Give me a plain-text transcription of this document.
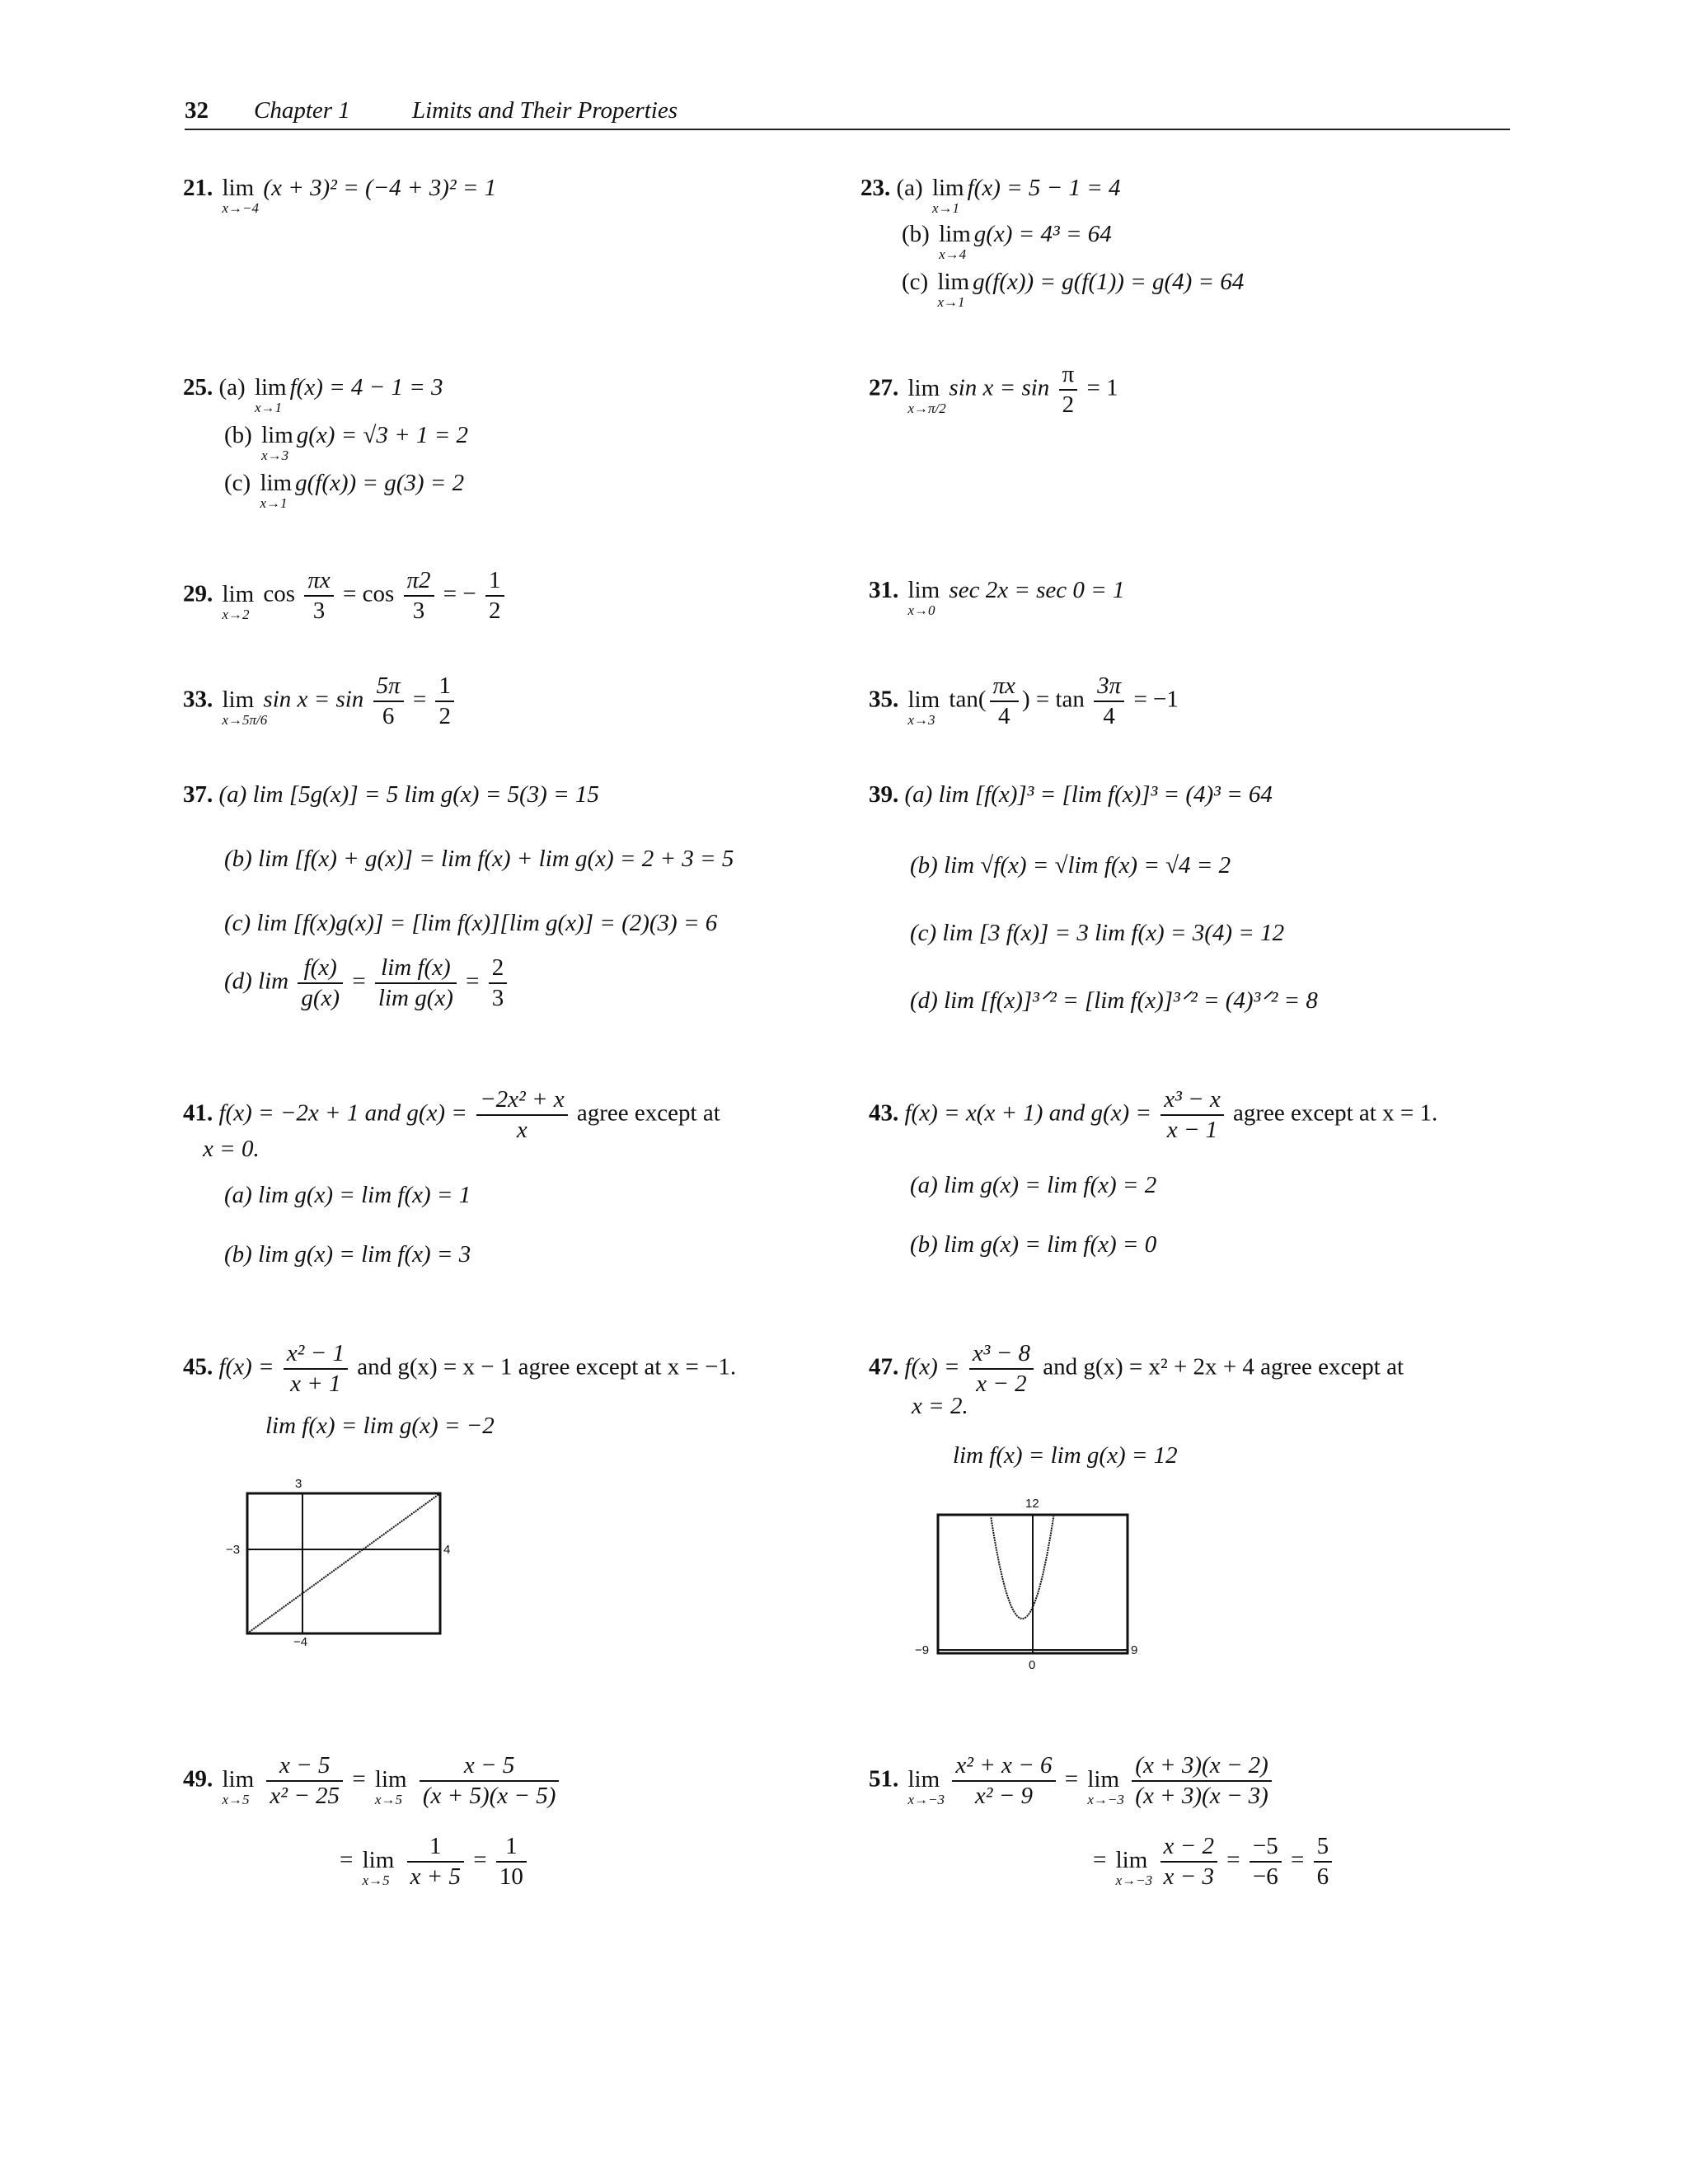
32 Chapter 1	Limits and Their Properties
21. lim
x→−4
(x + 3)² = (−4 + 3)² = 1	23. (a) lim
x→1
f(x) = 5 − 1 = 4
(b) lim
x→4
g(x) = 4³ = 64
(c) lim
x→1
g(f(x)) = g(f(1)) = g(4) = 64
25. (a) lim
x→1
f(x) = 4 − 1 = 3
(b) lim
x→3
g(x) = √3 + 1 = 2
(c) lim
x→1
g(f(x)) = g(3) = 2
27. lim
x→π/2
$\sin x = \sin \frac{\pi}{2} = 1$
29. lim
x→2
$\cos \frac{\pi x}{3} = \cos \frac{\pi 2}{3}$ = − $\frac{1}{2}$	31. lim
x→0
sec 2x = sec 0 = 1
33. lim
x→5π/6
$\sin x = \sin \frac{5\pi}{6} = \frac{1}{2}$	35. lim
x→3
$\tan( \frac{\pi x}{4}$ ) = $\tan \frac{3\pi}{4} = -1$
37. (a) lim [5g(x)] = 5 lim g(x) = 5(3) = 15
(b) lim [f(x) + g(x)] = lim f(x) + lim g(x) = 2 + 3 = 5
(c) lim [f(x)g(x)] = [lim f(x)][lim g(x)] = (2)(3) = 6
(d) $\lim \frac{f(x)}{g(x)} = \frac{\text{lim f(x)}}{\text{lim g(x)}} = \frac{2}{3}$
39. (a) lim [f(x)]³ = [lim f(x)]³ = (4)³ = 64
(b) lim √f(x) = √lim f(x) = √4 = 2
(c) lim [3 f(x)] = 3 lim f(x) = 3(4) = 12
(d) lim [f(x)]³ᐟ² = [lim f(x)]³ᐟ² = (4)³ᐟ² = 8
41. f(x) = −2x + 1 and $g(x) = \frac{\text{−2x² + x}}{x}$ agree except at
x = 0.
(a) lim g(x) = lim f(x) = 1
(b) lim g(x) = lim f(x) = 3
43. f(x) = x(x + 1) and $g(x) = \frac{\text{x³ − x}}{x - 1}$ agree except at x = 1.
(a) lim g(x) = lim f(x) = 2
(b) lim g(x) = lim f(x) = 0
45. $f(x) = \frac{\text{x² − 1}}{x + 1}$ and g(x) = x − 1 agree except at x = −1.
lim f(x) = lim g(x) = −2
47. $f(x) = \frac{\text{x³ − 8}}{x - 2}$ and g(x) = x² + 2x + 4 agree except at
x = 2.
lim f(x) = lim g(x) = 12
3
−3	4
−4
12
−9	9
0
49. lim
x→5
$\frac{x - 5}{\text{x² − 25}} = \lim$
x→5
$\frac{x - 5}{(x + 5)(x - 5)}$
= lim
x→5
$\frac{1}{x + 5} = \frac{1}{10}$
51. lim
x→−3
$\frac{\text{x² + x − 6}}{\text{x² − 9}} = \lim$
x→−3
$\frac{(x + 3)(x - 2)}{(x + 3)(x - 3)}$
= lim
x→−3
$\frac{x - 2}{x - 3} = \frac{-5}{-6} = \frac{5}{6}$
